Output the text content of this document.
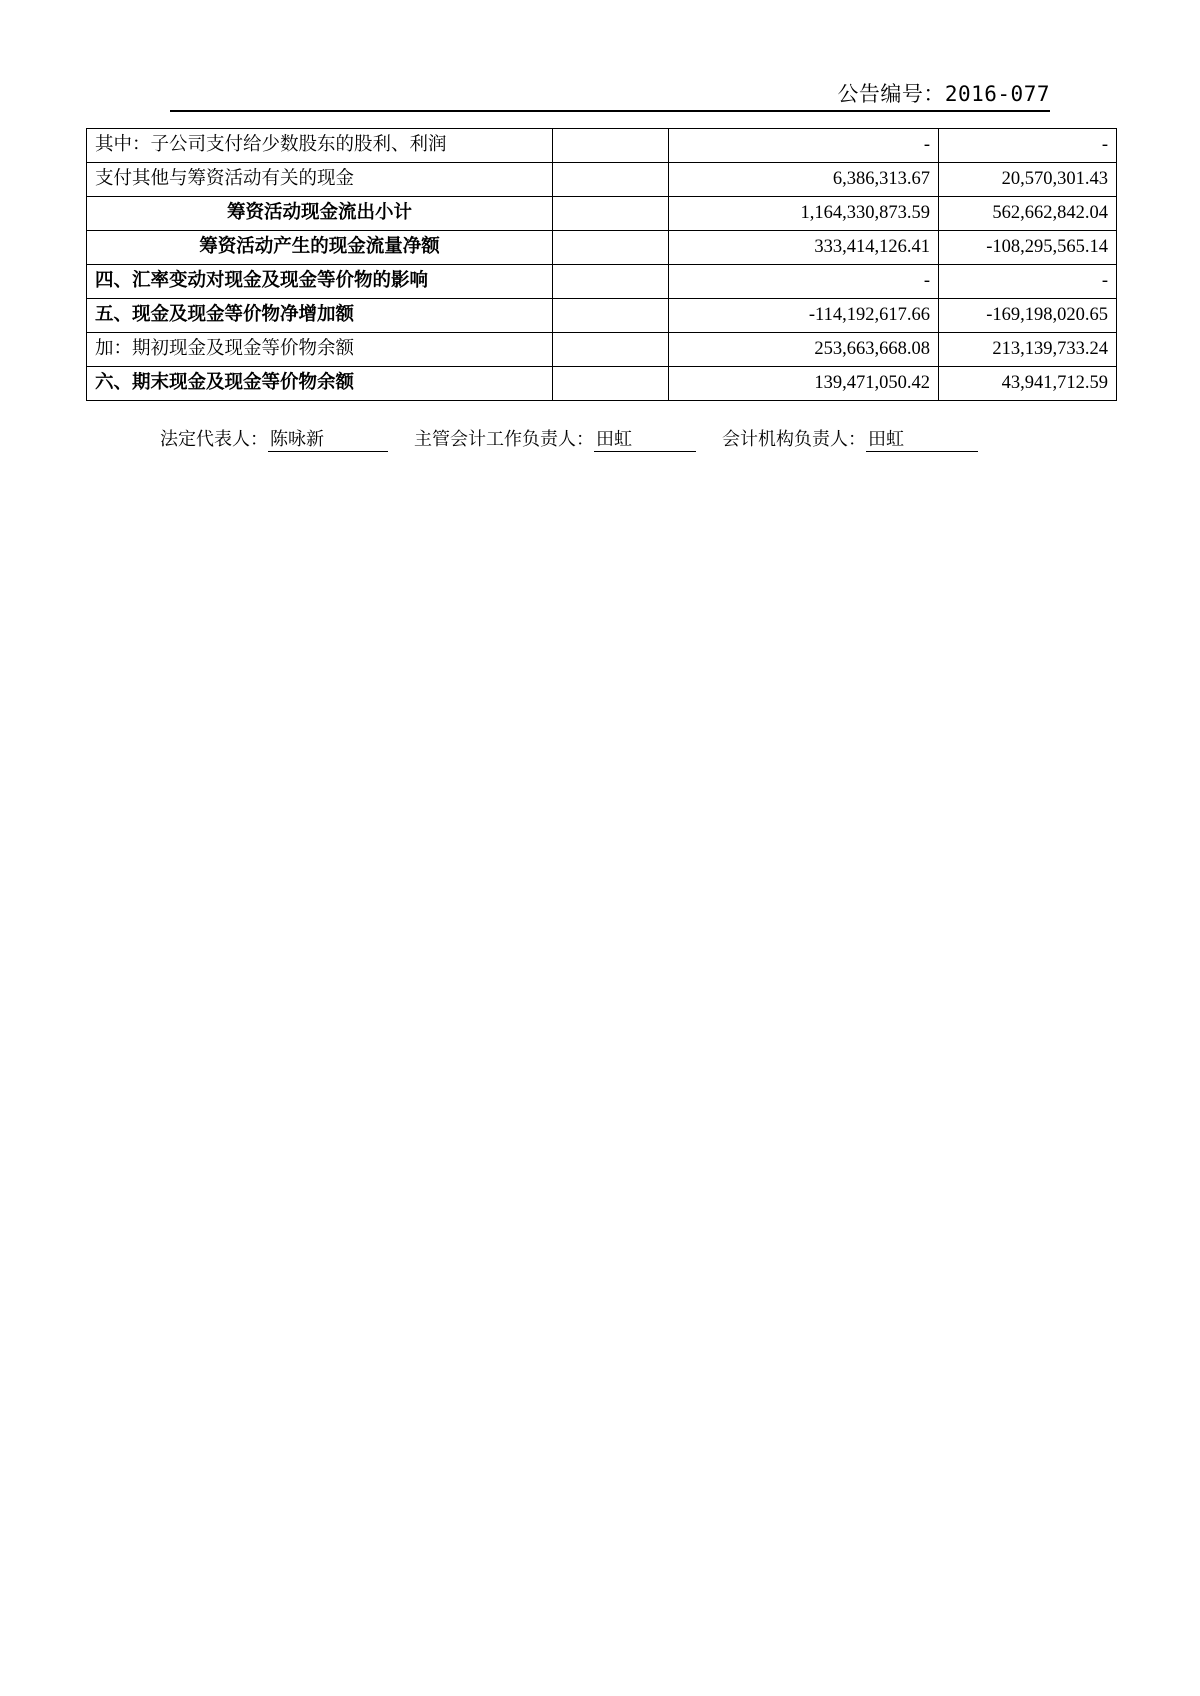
公告编号：2016-077
其中：子公司支付给少数股东的股利、利润		-	-
支付其他与筹资活动有关的现金		6,386,313.67	20,570,301.43
筹资活动现金流出小计		1,164,330,873.59	562,662,842.04
筹资活动产生的现金流量净额		333,414,126.41	-108,295,565.14
四、汇率变动对现金及现金等价物的影响		-	-
五、现金及现金等价物净增加额		-114,192,617.66	-169,198,020.65
加：期初现金及现金等价物余额		253,663,668.08	213,139,733.24
六、期末现金及现金等价物余额		139,471,050.42	43,941,712.59
法定代表人： 陈咏新	主管会计工作负责人： 田虹	会计机构负责人： 田虹
